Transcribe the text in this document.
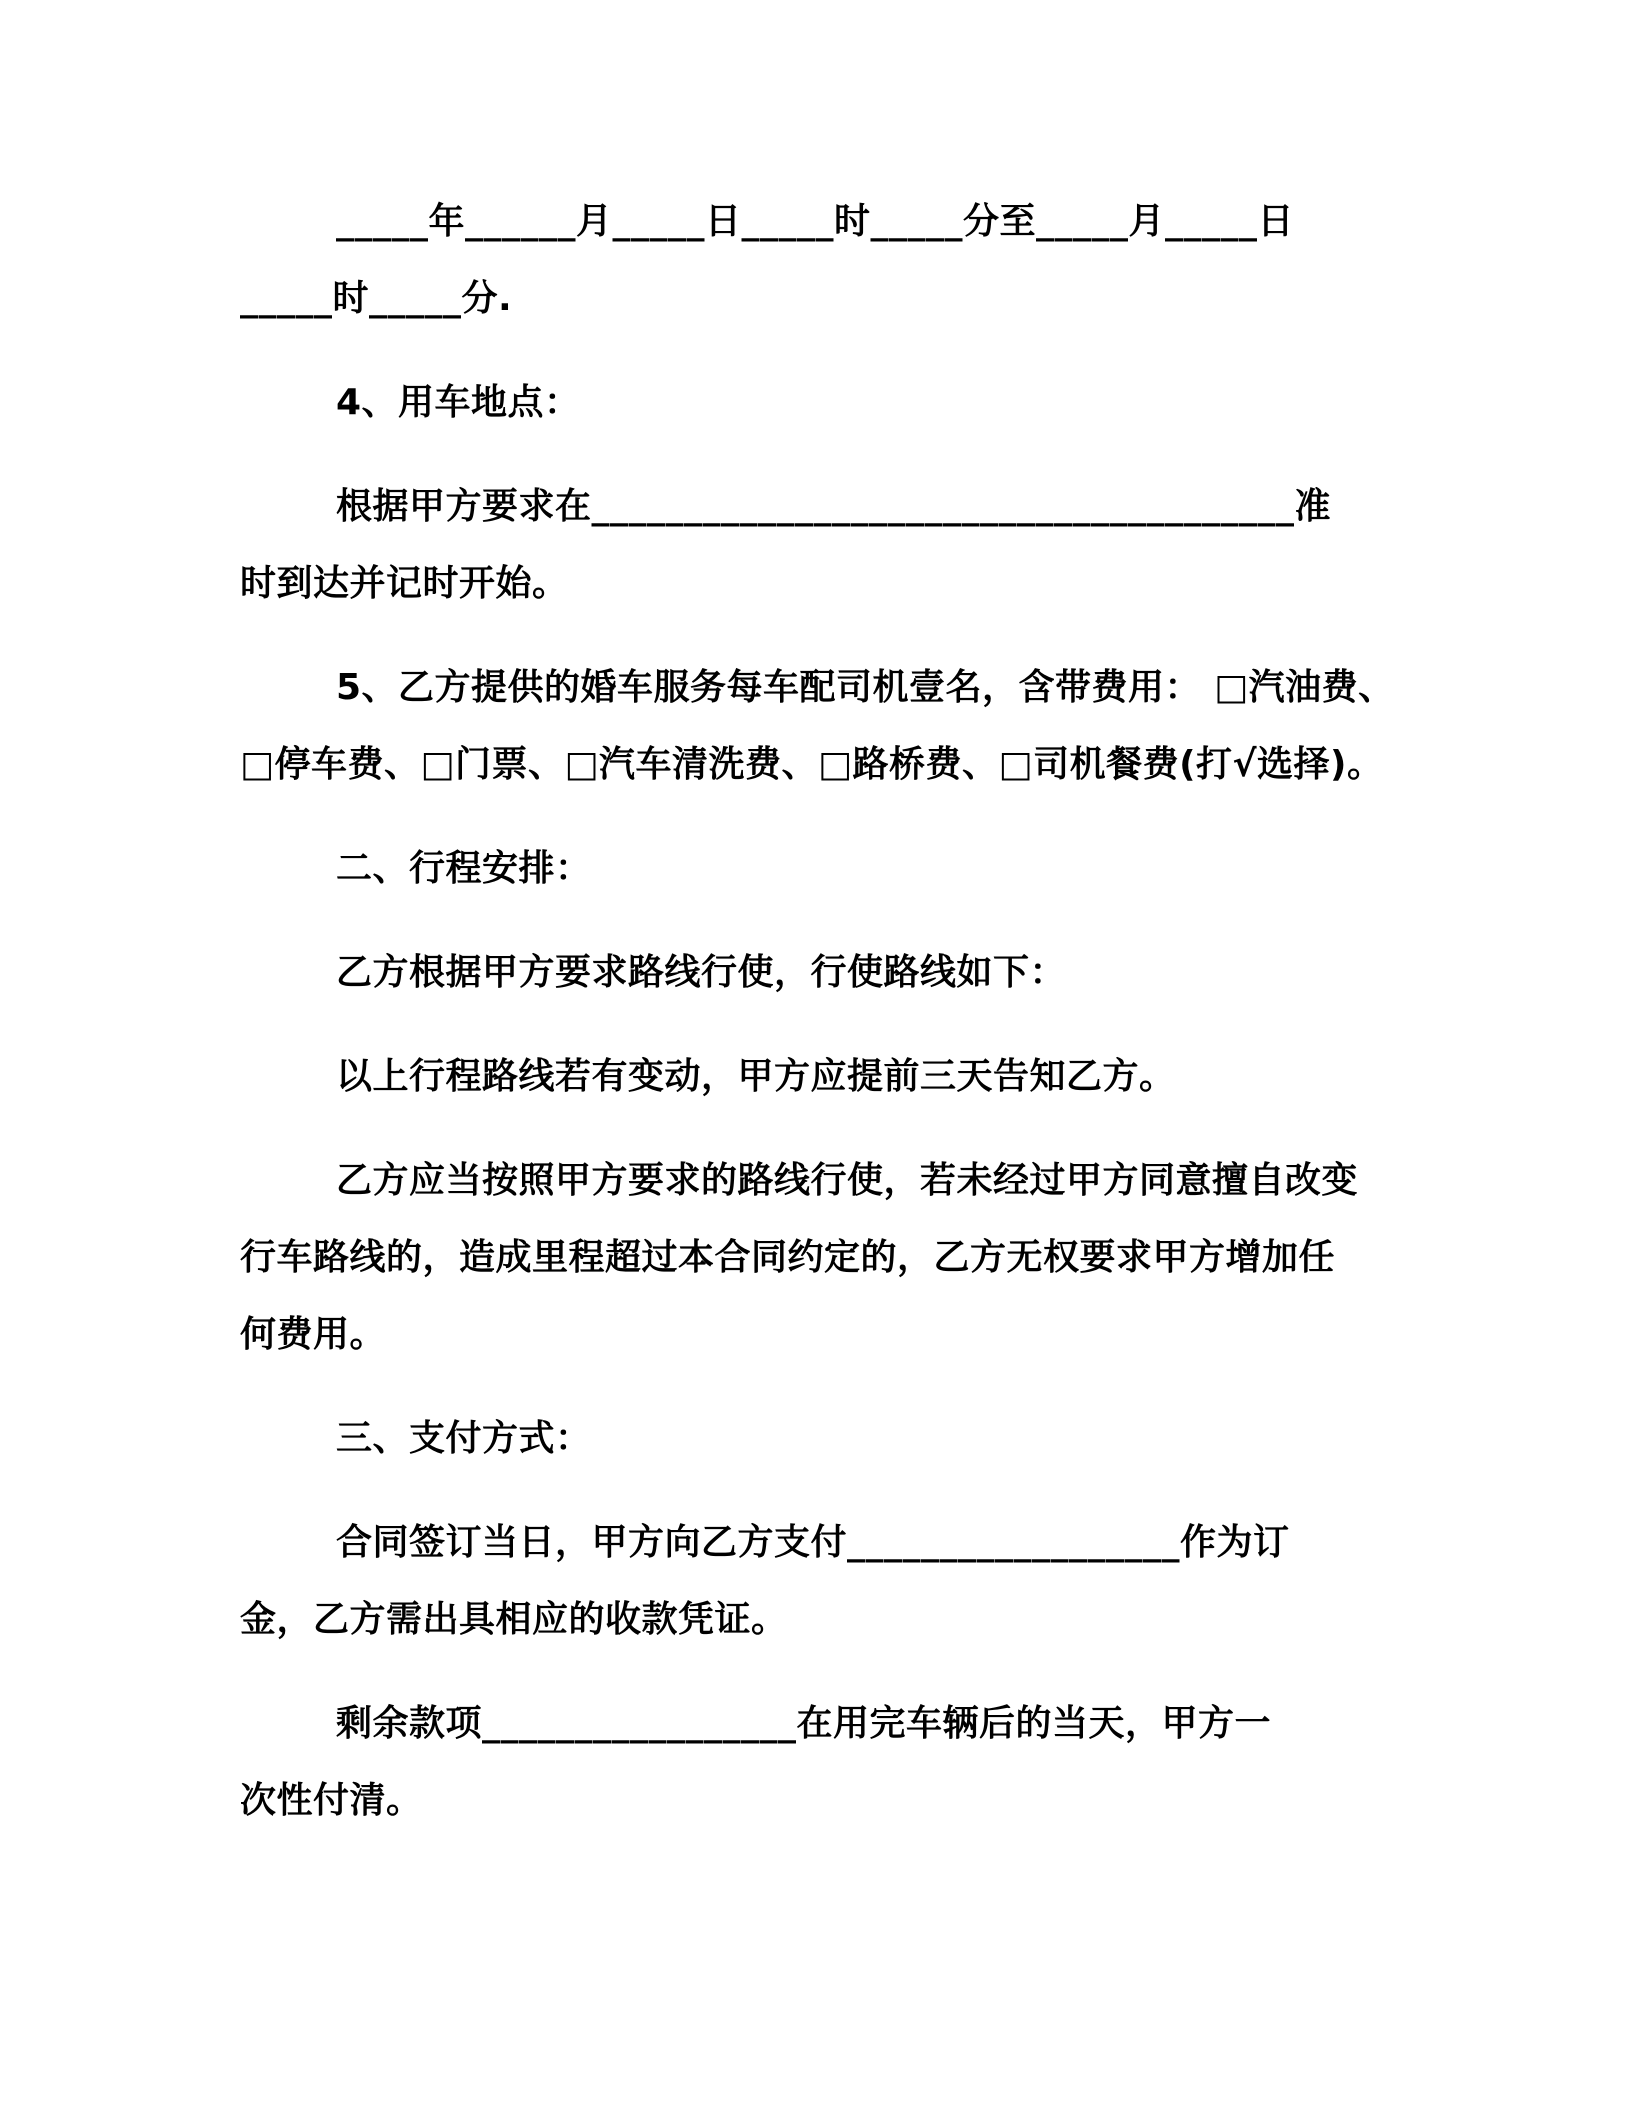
_____年______月_____日_____时_____分至_____月_____日
_____时_____分.
4、用车地点：
根据甲方要求在______________________________________准
时到达并记时开始。
5、乙方提供的婚车服务每车配司机壹名，含带费用： □汽油费、
□停车费、□门票、□汽车清洗费、□路桥费、□司机餐费(打√选择)。
二、行程安排：
乙方根据甲方要求路线行使，行使路线如下：
以上行程路线若有变动，甲方应提前三天告知乙方。
乙方应当按照甲方要求的路线行使，若未经过甲方同意擅自改变
行车路线的，造成里程超过本合同约定的，乙方无权要求甲方增加任
何费用。
三、支付方式：
合同签订当日，甲方向乙方支付__________________作为订
金，乙方需出具相应的收款凭证。
剩余款项_________________在用完车辆后的当天，甲方一
次性付清。
